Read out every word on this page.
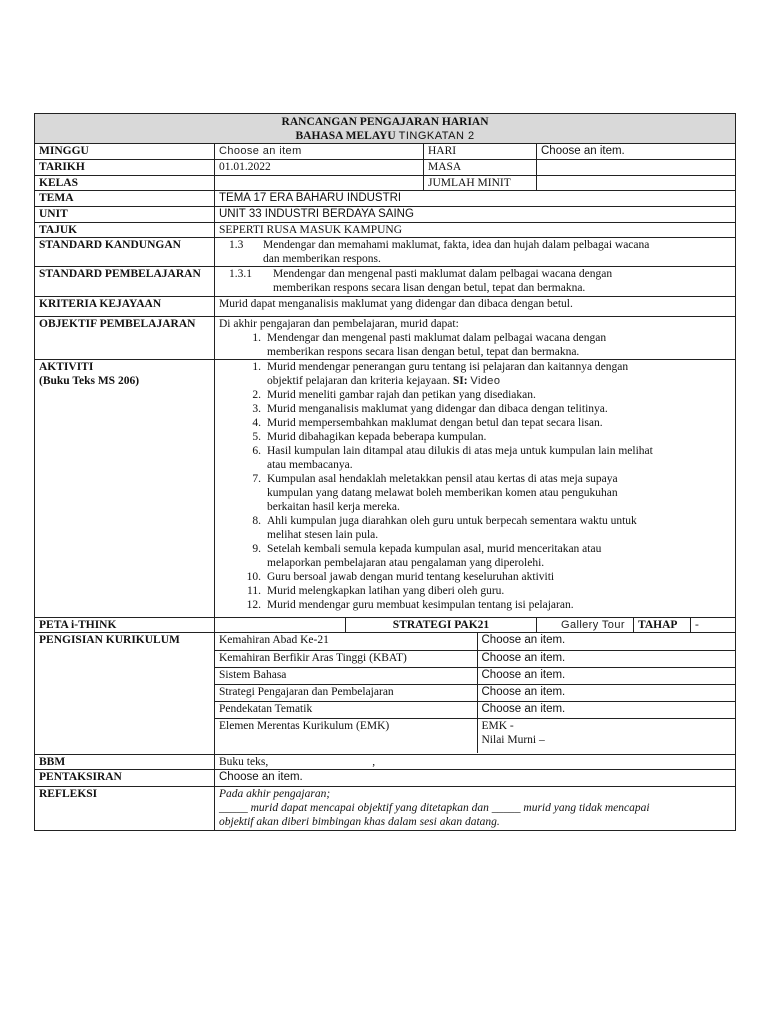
RANCANGAN PENGAJARAN HARIAN
BAHASA MELAYU TINGKATAN 2

MINGGU	Choose an item	HARI	Choose an item.
TARIKH	01.01.2022	MASA	
KELAS		JUMLAH MINIT	
TEMA	TEMA 17 ERA BAHARU INDUSTRI
UNIT	UNIT 33 INDUSTRI BERDAYA SAING
TAJUK	SEPERTI RUSA MASUK KAMPUNG
STANDARD KANDUNGAN	1.3	Mendengar dan memahami maklumat, fakta, idea dan hujah dalam pelbagai wacana
dan memberikan respons.

STANDARD PEMBELAJARAN	1.3.1	Mendengar dan mengenal pasti maklumat dalam pelbagai wacana dengan
memberikan respons secara lisan dengan betul, tepat dan bermakna.

KRITERIA KEJAYAAN	Murid dapat menganalisis maklumat yang didengar dan dibaca dengan betul.
OBJEKTIF PEMBELAJARAN	Di akhir pengajaran dan pembelajaran, murid dapat:
1. Mendengar dan mengenal pasti maklumat dalam pelbagai wacana dengan
memberikan respons secara lisan dengan betul, tepat dan bermakna.

AKTIVITI
(Buku Teks MS 206)

1. Murid mendengar penerangan guru tentang isi pelajaran dan kaitannya dengan
objektif pelajaran dan kriteria kejayaan. SI: Video
2. Murid meneliti gambar rajah dan petikan yang disediakan.
3. Murid menganalisis maklumat yang didengar dan dibaca dengan telitinya.
4. Murid mempersembahkan maklumat dengan betul dan tepat secara lisan.
5. Murid dibahagikan kepada beberapa kumpulan.
6. Hasil kumpulan lain ditampal atau dilukis di atas meja untuk kumpulan lain melihat
atau membacanya.
7. Kumpulan asal hendaklah meletakkan pensil atau kertas di atas meja supaya
kumpulan yang datang melawat boleh memberikan komen atau pengukuhan
berkaitan hasil kerja mereka.
8. Ahli kumpulan juga diarahkan oleh guru untuk berpecah sementara waktu untuk
melihat stesen lain pula.
9. Setelah kembali semula kepada kumpulan asal, murid menceritakan atau
melaporkan pembelajaran atau pengalaman yang diperolehi.
10. Guru bersoal jawab dengan murid tentang keseluruhan aktiviti
11. Murid melengkapkan latihan yang diberi oleh guru.
12. Murid mendengar guru membuat kesimpulan tentang isi pelajaran.

PETA i-THINK		STRATEGI PAK21	Gallery Tour	TAHAP	-

PENGISIAN KURIKULUM		Kemahiran Abad Ke-21	Choose an item.
Kemahiran Berfikir Aras Tinggi (KBAT)	Choose an item.
Sistem Bahasa	Choose an item.
Strategi Pengajaran dan Pembelajaran	Choose an item.
Pendekatan Tematik	Choose an item.
Elemen Merentas Kurikulum (EMK)	EMK -
Nilai Murni –

BBM	Buku teks,	,
PENTAKSIRAN	Choose an item.
REFLEKSI	Pada akhir pengajaran;
_____ murid dapat mencapai objektif yang ditetapkan dan _____ murid yang tidak mencapai
objektif akan diberi bimbingan khas dalam sesi akan datang.
